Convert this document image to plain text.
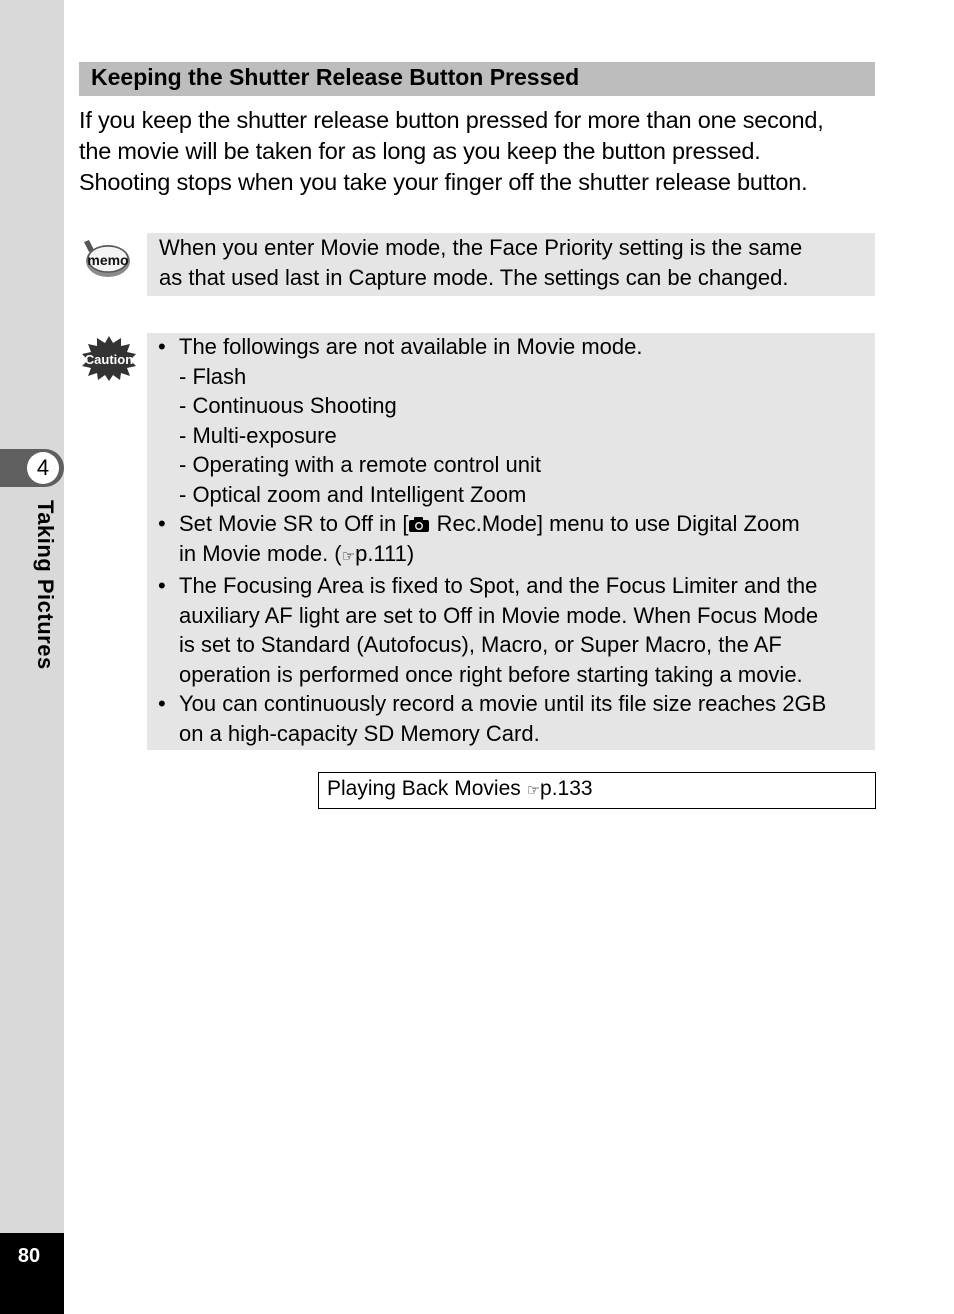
4
Taking Pictures
80
Keeping the Shutter Release Button Pressed

If you keep the shutter release button pressed for more than one second,
the movie will be taken for as long as you keep the button pressed.
Shooting stops when you take your finger off the shutter release button.

memo	When you enter Movie mode, the Face Priority setting is the same
as that used last in Capture mode. The settings can be changed.
Caution
• The followings are not available in Movie mode.
- Flash
- Continuous Shooting
- Multi-exposure
- Operating with a remote control unit
- Optical zoom and Intelligent Zoom
• Set Movie SR to Off in [ Rec.Mode] menu to use Digital Zoom
in Movie mode. (☞p.111)
• The Focusing Area is fixed to Spot, and the Focus Limiter and the
auxiliary AF light are set to Off in Movie mode. When Focus Mode
is set to Standard (Autofocus), Macro, or Super Macro, the AF
operation is performed once right before starting taking a movie.
• You can continuously record a movie until its file size reaches 2GB
on a high-capacity SD Memory Card.
Playing Back Movies ☞p.133
